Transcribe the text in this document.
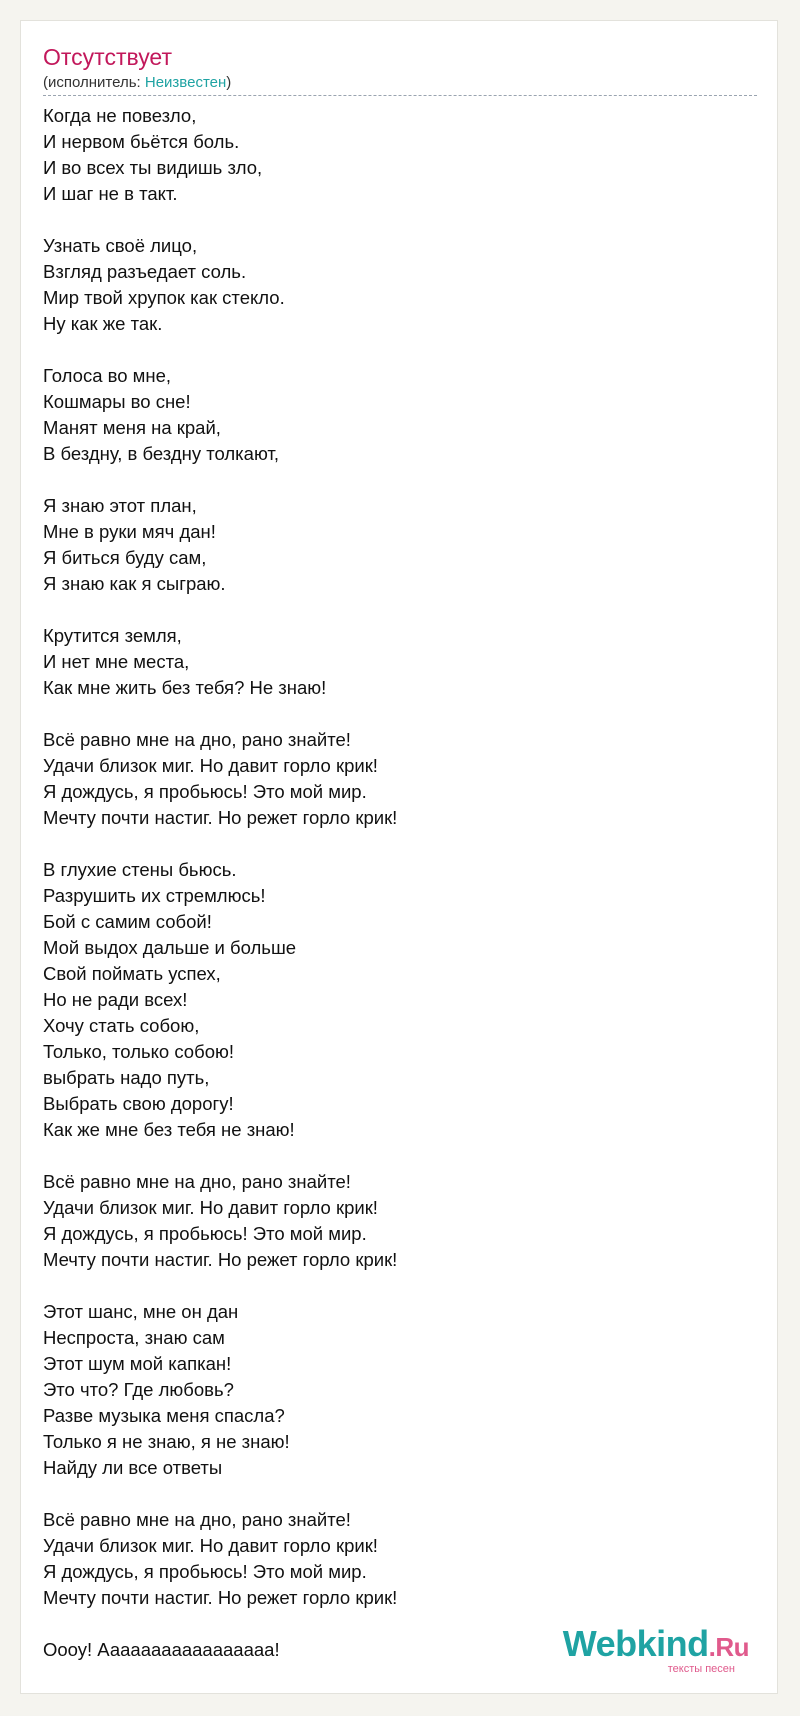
Отсутствует
(исполнитель: Неизвестен)
Когда не повезло,
И нервом бьётся боль.
И во всех ты видишь зло,
И шаг не в такт.
Узнать своё лицо,
Взгляд разъедает соль.
Мир твой хрупок как стекло.
Ну как же так.
Голоса во мне,
Кошмары во сне!
Манят меня на край,
В бездну, в бездну толкают,
Я знаю этот план,
Мне в руки мяч дан!
Я биться буду сам,
Я знаю как я сыграю.
Крутится земля,
И нет мне места,
Как мне жить без тебя? Не знаю!
Всё равно мне на дно, рано знайте!
Удачи близок миг. Но давит горло крик!
Я дождусь, я пробьюсь! Это мой мир.
Мечту почти настиг. Но режет горло крик!
В глухие стены бьюсь.
Разрушить их стремлюсь!
Бой с самим собой!
Мой выдох дальше и больше
Свой поймать успех,
Но не ради всех!
Хочу стать собою,
Только, только собою!
выбрать надо путь,
Выбрать свою дорогу!
Как же мне без тебя не знаю!
Всё равно мне на дно, рано знайте!
Удачи близок миг. Но давит горло крик!
Я дождусь, я пробьюсь! Это мой мир.
Мечту почти настиг. Но режет горло крик!
Этот шанс, мне он дан
Неспроста, знаю сам
Этот шум мой капкан!
Это что? Где любовь?
Разве музыка меня спасла?
Только я не знаю, я не знаю!
Найду ли все ответы
Всё равно мне на дно, рано знайте!
Удачи близок миг. Но давит горло крик!
Я дождусь, я пробьюсь! Это мой мир.
Мечту почти настиг. Но режет горло крик!
Оооу! Ааааааааааааааааа!	Webkind.Ru
тексты песен
